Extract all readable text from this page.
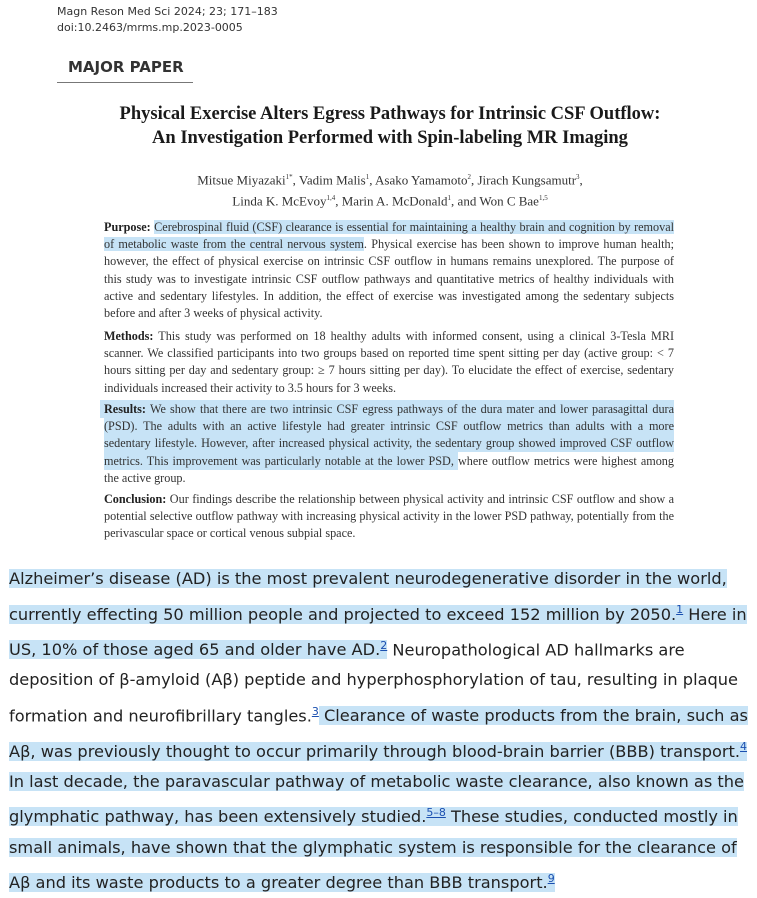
Magn Reson Med Sci 2024; 23; 171–183
doi:10.2463/mrms.mp.2023-0005
MAJOR PAPER
Physical Exercise Alters Egress Pathways for Intrinsic CSF Outflow:
An Investigation Performed with Spin-labeling MR Imaging
Mitsue Miyazaki$^{1*}$, Vadim Malis$^1$, Asako Yamamoto$^2$, Jirach Kungsamutr$^3$,
Linda K. McEvoy$^{1,4}$, Marin A. McDonald$^1$, and Won C Bae$^{1,5}$

Purpose: Cerebrospinal fluid (CSF) clearance is essential for maintaining a healthy brain and cognition by removal of metabolic waste from the central nervous system. Physical exercise has been shown to improve human health; however, the effect of physical exercise on intrinsic CSF outflow in humans remains unexplored. The purpose of this study was to investigate intrinsic CSF outflow pathways and quantitative metrics of healthy individuals with active and sedentary lifestyles. In addition, the effect of exercise was investigated among the sedentary subjects before and after 3 weeks of physical activity.

Methods: This study was performed on 18 healthy adults with informed consent, using a clinical 3-Tesla MRI scanner. We classified participants into two groups based on reported time spent sitting per day (active group: < 7 hours sitting per day and sedentary group: ≥ 7 hours sitting per day). To elucidate the effect of exercise, sedentary individuals increased their activity to 3.5 hours for 3 weeks.

Results: We show that there are two intrinsic CSF egress pathways of the dura mater and lower parasagittal dura (PSD). The adults with an active lifestyle had greater intrinsic CSF outflow metrics than adults with a more sedentary lifestyle. However, after increased physical activity, the sedentary group showed improved CSF outflow metrics. This improvement was particularly notable at the lower PSD, where outflow metrics were highest among the active group.

Conclusion: Our findings describe the relationship between physical activity and intrinsic CSF outflow and show a potential selective outflow pathway with increasing physical activity in the lower PSD pathway, potentially from the perivascular space or cortical venous subpial space.

Alzheimer’s disease (AD) is the most prevalent neurodegenerative disorder in the world, currently effecting 50 million people and projected to exceed 152 million by 2050.$^1$ Here in US, 10% of those aged 65 and older have AD.$^2$ Neuropathological AD hallmarks are deposition of β-amyloid (Aβ) peptide and hyperphosphorylation of tau, resulting in plaque formation and neurofibrillary tangles.$^3$ Clearance of waste products from the brain, such as Aβ, was previously thought to occur primarily through blood-brain barrier (BBB) transport.$^4$ In last decade, the paravascular pathway of metabolic waste clearance, also known as the glymphatic pathway, has been extensively studied.$^{5-8}$ These studies, conducted mostly in small animals, have shown that the glymphatic system is responsible for the clearance of Aβ and its waste products to a greater degree than BBB transport.$^9$
